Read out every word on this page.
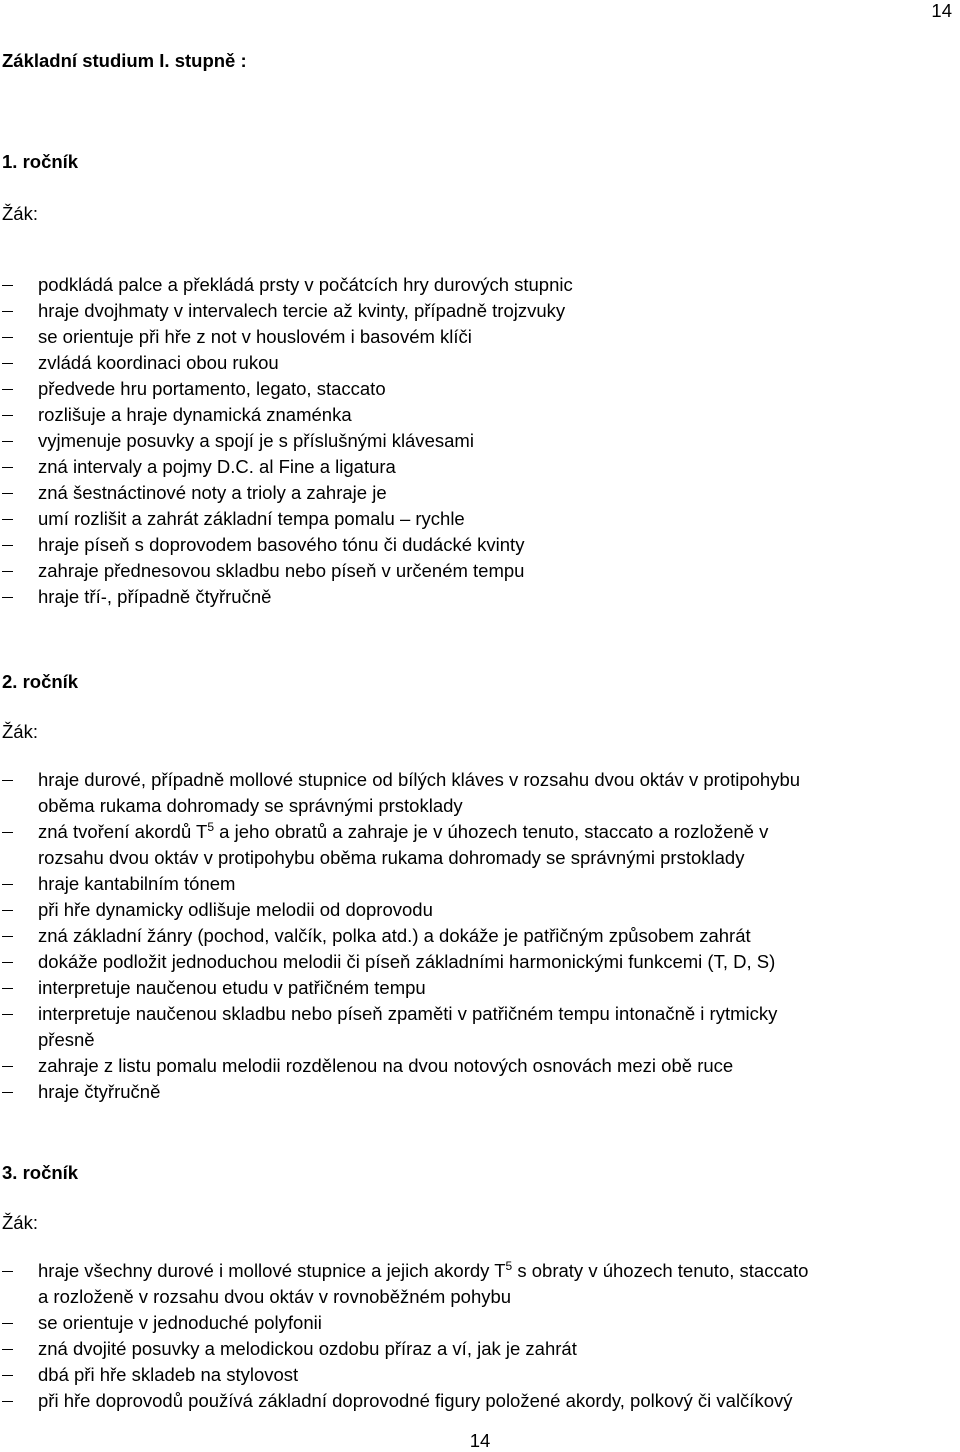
14
Základní studium I. stupně :
1. ročník
Žák:
podkládá palce a překládá prsty v počátcích hry durových stupnic
hraje dvojhmaty v intervalech tercie až kvinty, případně trojzvuky
se orientuje při hře z not v houslovém i basovém klíči
zvládá koordinaci obou rukou
předvede hru portamento, legato, staccato
rozlišuje a hraje dynamická znaménka
vyjmenuje posuvky a spojí je s příslušnými klávesami
zná intervaly a pojmy D.C. al Fine a ligatura
zná šestnáctinové noty a trioly a zahraje je
umí rozlišit a zahrát základní tempa pomalu – rychle
hraje píseň s doprovodem basového tónu či dudácké kvinty
zahraje přednesovou skladbu nebo píseň v určeném tempu
hraje tří-, případně čtyřručně
2. ročník
Žák:
hraje durové, případně mollové stupnice od bílých kláves v rozsahu dvou oktáv v protipohybu
oběma rukama dohromady se správnými prstoklady
zná tvoření akordů $T^5$ a jeho obratů a zahraje je v úhozech tenuto, staccato a rozloženě v
rozsahu dvou oktáv v protipohybu oběma rukama dohromady se správnými prstoklady
hraje kantabilním tónem
při hře dynamicky odlišuje melodii od doprovodu
zná základní žánry (pochod, valčík, polka atd.) a dokáže je patřičným způsobem zahrát
dokáže podložit jednoduchou melodii či píseň základními harmonickými funkcemi (T, D, S)
interpretuje naučenou etudu v patřičném tempu
interpretuje naučenou skladbu nebo píseň zpaměti v patřičném tempu intonačně i rytmicky
přesně
zahraje z listu pomalu melodii rozdělenou na dvou notových osnovách mezi obě ruce
hraje čtyřručně
3. ročník
Žák:
hraje všechny durové i mollové stupnice a jejich akordy $T^5$ s obraty v úhozech tenuto, staccato
a rozloženě v rozsahu dvou oktáv v rovnoběžném pohybu
se orientuje v jednoduché polyfonii
zná dvojité posuvky a melodickou ozdobu příraz a ví, jak je zahrát
dbá při hře skladeb na stylovost
při hře doprovodů používá základní doprovodné figury položené akordy, polkový či valčíkový
14
